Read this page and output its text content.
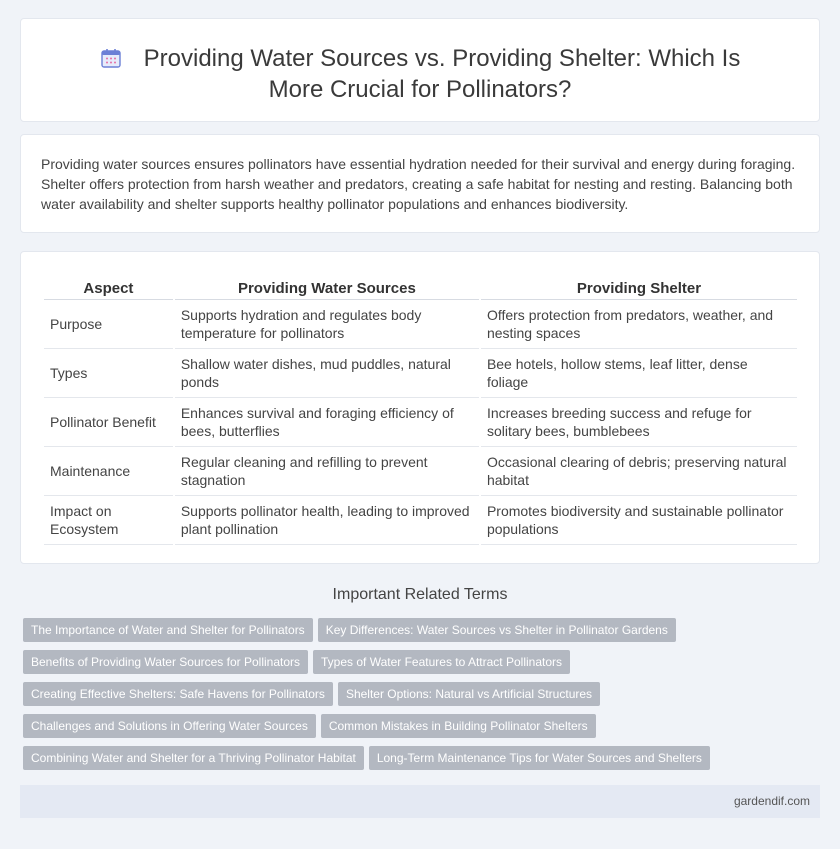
Providing Water Sources vs. Providing Shelter: Which Is More Crucial for Pollinators?

Providing water sources ensures pollinators have essential hydration needed for their survival and energy during foraging. Shelter offers protection from harsh weather and predators, creating a safe habitat for nesting and resting. Balancing both water availability and shelter supports healthy pollinator populations and enhances biodiversity.

Aspect	Providing Water Sources	Providing Shelter
Purpose	Supports hydration and regulates body temperature for pollinators	Offers protection from predators, weather, and nesting spaces
Types	Shallow water dishes, mud puddles, natural ponds	Bee hotels, hollow stems, leaf litter, dense foliage
Pollinator Benefit	Enhances survival and foraging efficiency of bees, butterflies	Increases breeding success and refuge for solitary bees, bumblebees
Maintenance	Regular cleaning and refilling to prevent stagnation	Occasional clearing of debris; preserving natural habitat
Impact on Ecosystem	Supports pollinator health, leading to improved plant pollination	Promotes biodiversity and sustainable pollinator populations
Important Related Terms
The Importance of Water and Shelter for Pollinators Key Differences: Water Sources vs Shelter in Pollinator Gardens
Benefits of Providing Water Sources for Pollinators Types of Water Features to Attract Pollinators
Creating Effective Shelters: Safe Havens for Pollinators Shelter Options: Natural vs Artificial Structures
Challenges and Solutions in Offering Water Sources Common Mistakes in Building Pollinator Shelters
Combining Water and Shelter for a Thriving Pollinator Habitat Long-Term Maintenance Tips for Water Sources and Shelters
gardendif.com
